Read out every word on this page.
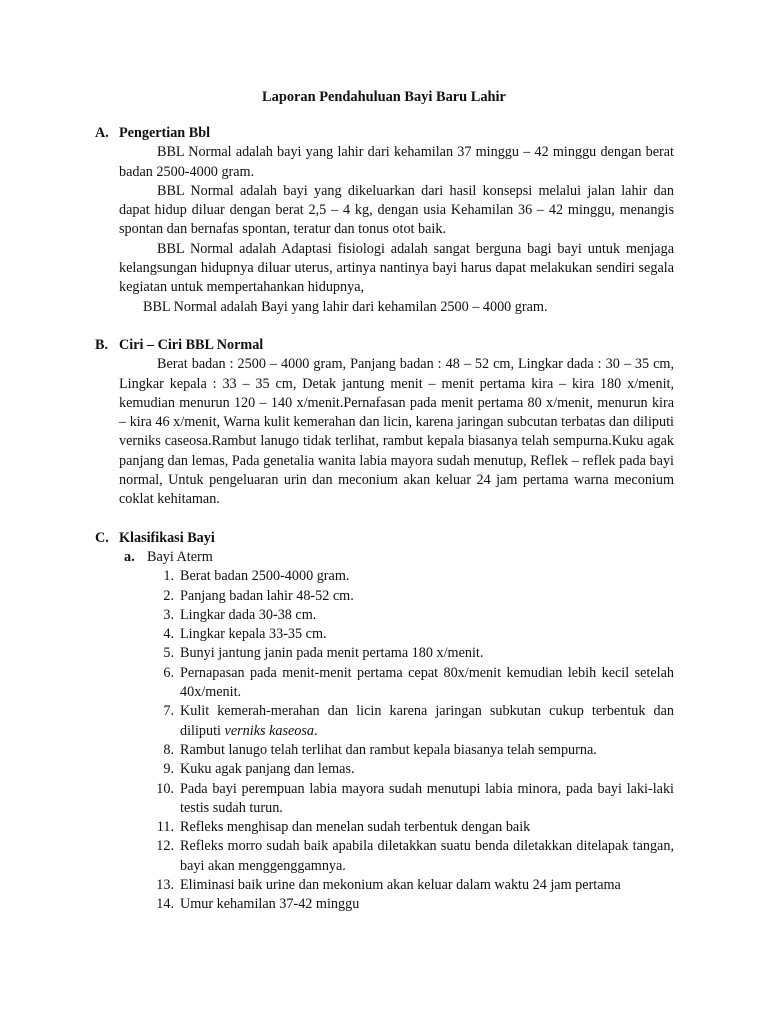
Laporan Pendahuluan Bayi Baru Lahir
A. Pengertian Bbl

BBL Normal adalah bayi yang lahir dari kehamilan 37 minggu – 42 minggu dengan berat badan 2500-4000 gram.

BBL Normal adalah bayi yang dikeluarkan dari hasil konsepsi melalui jalan lahir dan dapat hidup diluar dengan berat 2,5 – 4 kg, dengan usia Kehamilan 36 – 42 minggu, menangis spontan dan bernafas spontan, teratur dan tonus otot baik.

BBL Normal adalah Adaptasi fisiologi adalah sangat berguna bagi bayi untuk menjaga kelangsungan hidupnya diluar uterus, artinya nantinya bayi harus dapat melakukan sendiri segala kegiatan untuk mempertahankan hidupnya,

BBL Normal adalah Bayi yang lahir dari kehamilan 2500 – 4000 gram.

B. Ciri – Ciri BBL Normal

Berat badan : 2500 – 4000 gram, Panjang badan : 48 – 52 cm, Lingkar dada : 30 – 35 cm, Lingkar kepala : 33 – 35 cm, Detak jantung menit – menit pertama kira – kira 180 x/menit, kemudian menurun 120 – 140 x/menit.Pernafasan pada menit pertama 80 x/menit, menurun kira – kira 46 x/menit, Warna kulit kemerahan dan licin, karena jaringan subcutan terbatas dan diliputi verniks caseosa.Rambut lanugo tidak terlihat, rambut kepala biasanya telah sempurna.Kuku agak panjang dan lemas, Pada genetalia wanita labia mayora sudah menutup, Reflek – reflek pada bayi normal, Untuk pengeluaran urin dan meconium akan keluar 24 jam pertama warna meconium coklat kehitaman.

C. Klasifikasi Bayi
a. Bayi Aterm
1. Berat badan 2500-4000 gram.
2. Panjang badan lahir 48-52 cm.
3. Lingkar dada 30-38 cm.
4. Lingkar kepala 33-35 cm.
5. Bunyi jantung janin pada menit pertama 180 x/menit.
6. Pernapasan pada menit-menit pertama cepat 80x/menit kemudian lebih kecil setelah 40x/menit.
7. Kulit kemerah-merahan dan licin karena jaringan subkutan cukup terbentuk dan diliputi verniks kaseosa.
8. Rambut lanugo telah terlihat dan rambut kepala biasanya telah sempurna.
9. Kuku agak panjang dan lemas.
10. Pada bayi perempuan labia mayora sudah menutupi labia minora, pada bayi laki-laki testis sudah turun.
11. Refleks menghisap dan menelan sudah terbentuk dengan baik
12. Refleks morro sudah baik apabila diletakkan suatu benda diletakkan ditelapak tangan, bayi akan menggenggamnya.
13. Eliminasi baik urine dan mekonium akan keluar dalam waktu 24 jam pertama
14. Umur kehamilan 37-42 minggu
